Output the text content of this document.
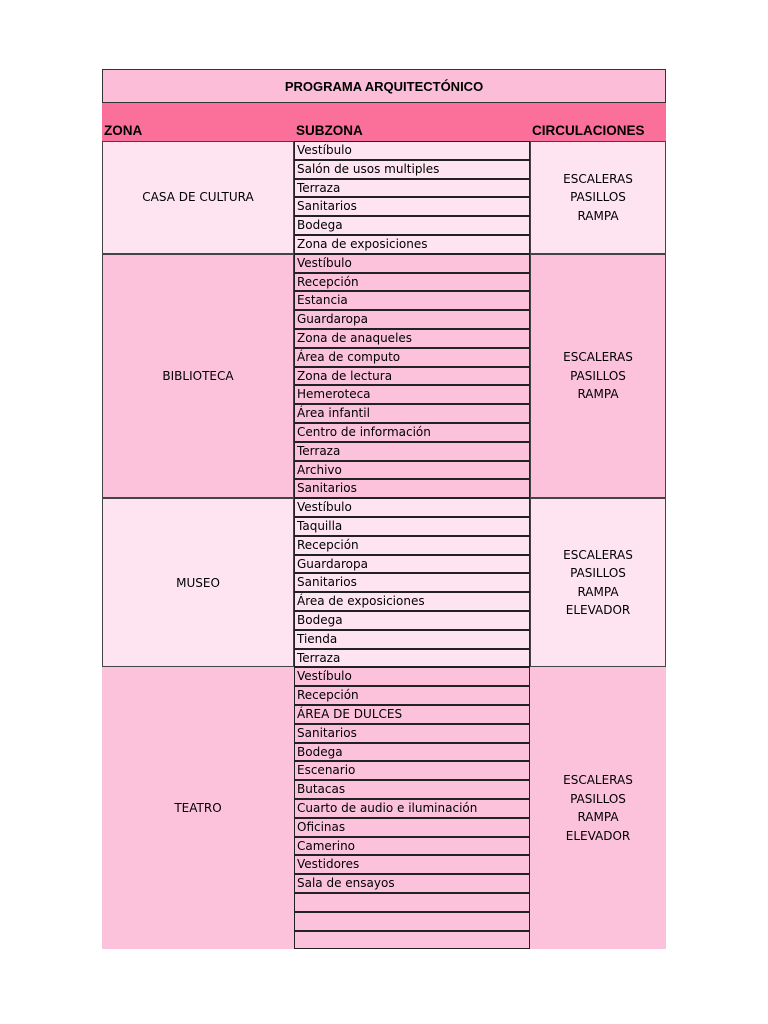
PROGRAMA ARQUITECTÓNICO
ZONA	SUBZONA	CIRCULACIONES
CASA DE CULTURA
ESCALERAS
PASILLOS
RAMPA
Vestíbulo
Salón de usos multiples
Terraza
Sanitarios
Bodega
Zona de exposiciones
BIBLIOTECA
ESCALERAS
PASILLOS
RAMPA
Vestíbulo
Recepción
Estancia
Guardaropa
Zona de anaqueles
Área de computo
Zona de lectura
Hemeroteca
Área infantil
Centro de información
Terraza
Archivo
Sanitarios
MUSEO
ESCALERAS
PASILLOS
RAMPA
ELEVADOR
Vestíbulo
Taquilla
Recepción
Guardaropa
Sanitarios
Área de exposiciones
Bodega
Tienda
Terraza
TEATRO
ESCALERAS
PASILLOS
RAMPA
ELEVADOR
Vestíbulo
Recepción
ÁREA DE DULCES
Sanitarios
Bodega
Escenario
Butacas
Cuarto de audio e iluminación
Oficinas
Camerino
Vestidores
Sala de ensayos
